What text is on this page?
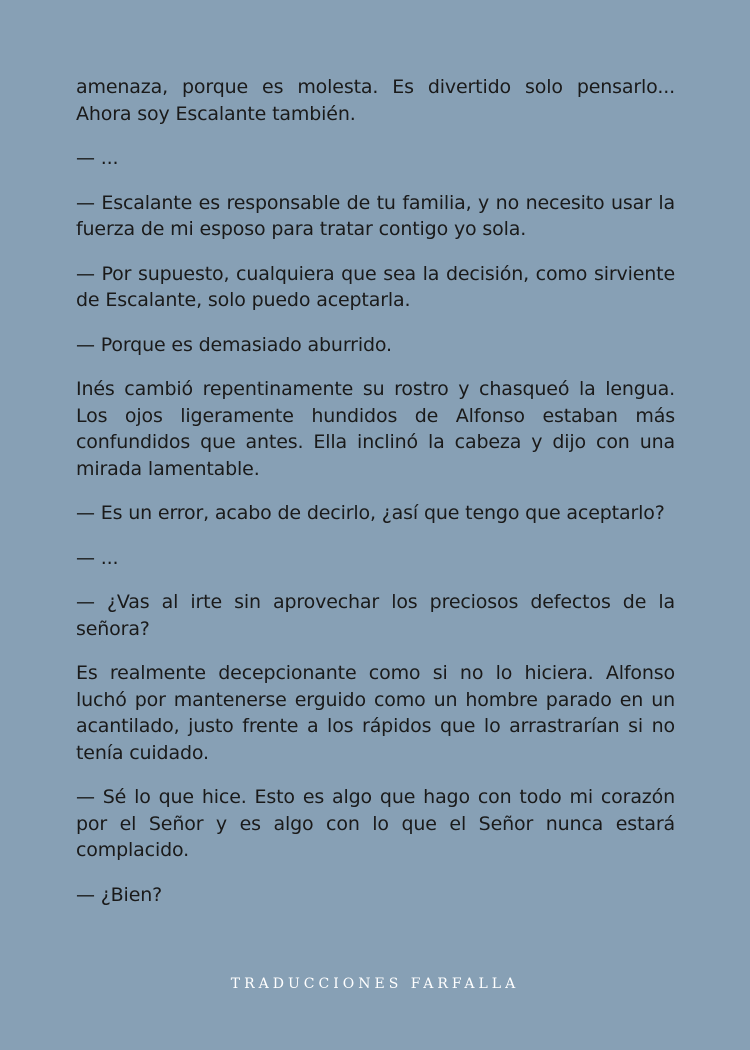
amenaza, porque es molesta. Es divertido solo pensarlo... Ahora soy Escalante también.

— ...

— Escalante es responsable de tu familia, y no necesito usar la fuerza de mi esposo para tratar contigo yo sola.

— Por supuesto, cualquiera que sea la decisión, como sirviente de Escalante, solo puedo aceptarla.

— Porque es demasiado aburrido.

Inés cambió repentinamente su rostro y chasqueó la lengua. Los ojos ligeramente hundidos de Alfonso estaban más confundidos que antes. Ella inclinó la cabeza y dijo con una mirada lamentable.

— Es un error, acabo de decirlo, ¿así que tengo que aceptarlo?

— ...

— ¿Vas al irte sin aprovechar los preciosos defectos de la señora?

Es realmente decepcionante como si no lo hiciera. Alfonso luchó por mantenerse erguido como un hombre parado en un acantilado, justo frente a los rápidos que lo arrastrarían si no tenía cuidado.

— Sé lo que hice. Esto es algo que hago con todo mi corazón por el Señor y es algo con lo que el Señor nunca estará complacido.

— ¿Bien?

TRADUCCIONES FARFALLA
